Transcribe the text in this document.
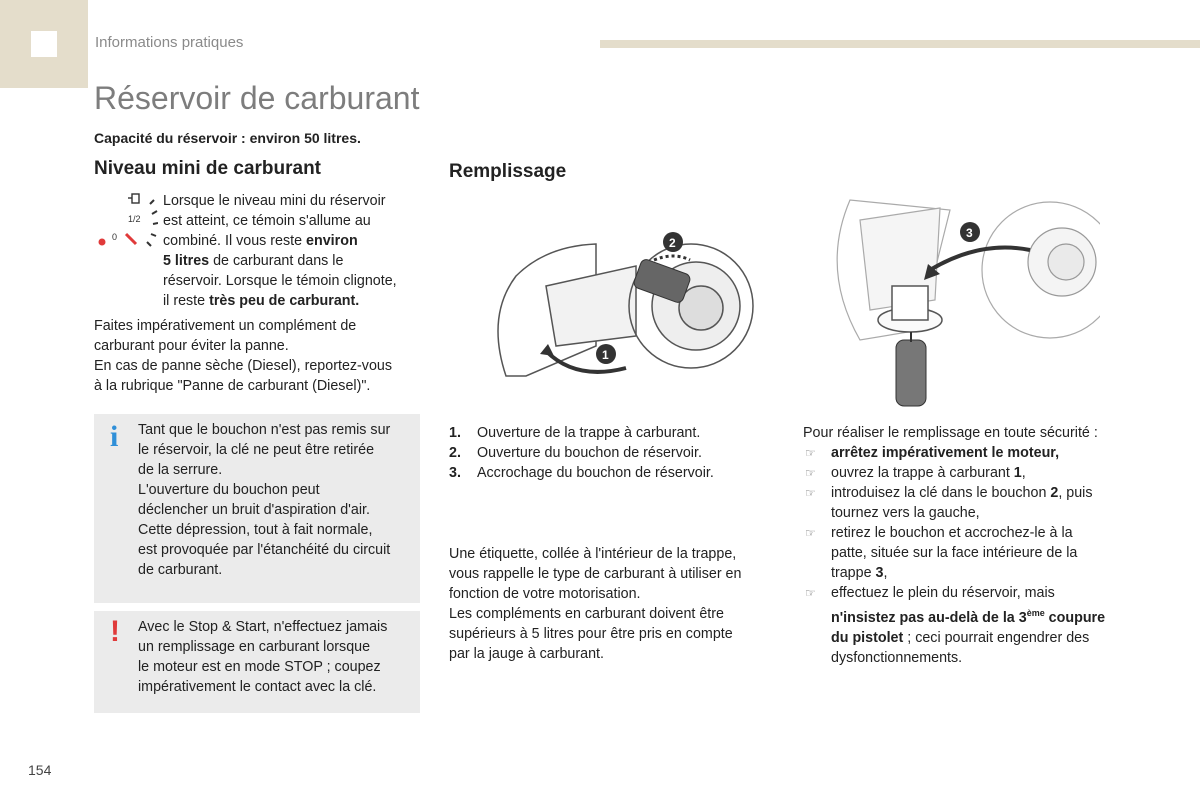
Informations pratiques
Réservoir de carburant
Capacité du réservoir : environ 50 litres.
Niveau mini de carburant
1/2
0
Lorsque le niveau mini du réservoir
est atteint, ce témoin s'allume au
combiné. Il vous reste environ
5 litres de carburant dans le
réservoir. Lorsque le témoin clignote,
il reste très peu de carburant.
Faites impérativement un complément de
carburant pour éviter la panne.
En cas de panne sèche (Diesel), reportez-vous
à la rubrique "Panne de carburant (Diesel)".
i Tant que le bouchon n'est pas remis sur
le réservoir, la clé ne peut être retirée
de la serrure.
L'ouverture du bouchon peut
déclencher un bruit d'aspiration d'air.
Cette dépression, tout à fait normale,
est provoquée par l'étanchéité du circuit
de carburant.
! Avec le Stop & Start, n'effectuez jamais
un remplissage en carburant lorsque
le moteur est en mode STOP ; coupez
impérativement le contact avec la clé.
Remplissage
1
2
3
1. Ouverture de la trappe à carburant.
2. Ouverture du bouchon de réservoir.
3. Accrochage du bouchon de réservoir.
Une étiquette, collée à l'intérieur de la trappe,
vous rappelle le type de carburant à utiliser en
fonction de votre motorisation.
Les compléments en carburant doivent être
supérieurs à 5 litres pour être pris en compte
par la jauge à carburant.
Pour réaliser le remplissage en toute sécurité :
☞ arrêtez impérativement le moteur,
☞ ouvrez la trappe à carburant 1,
☞ introduisez la clé dans le bouchon 2, puis
tournez vers la gauche,
☞ retirez le bouchon et accrochez-le à la
patte, située sur la face intérieure de la
trappe 3,
☞ effectuez le plein du réservoir, mais
n'insistez pas au-delà de la 3ème coupure
du pistolet ; ceci pourrait engendrer des
dysfonctionnements.
154
